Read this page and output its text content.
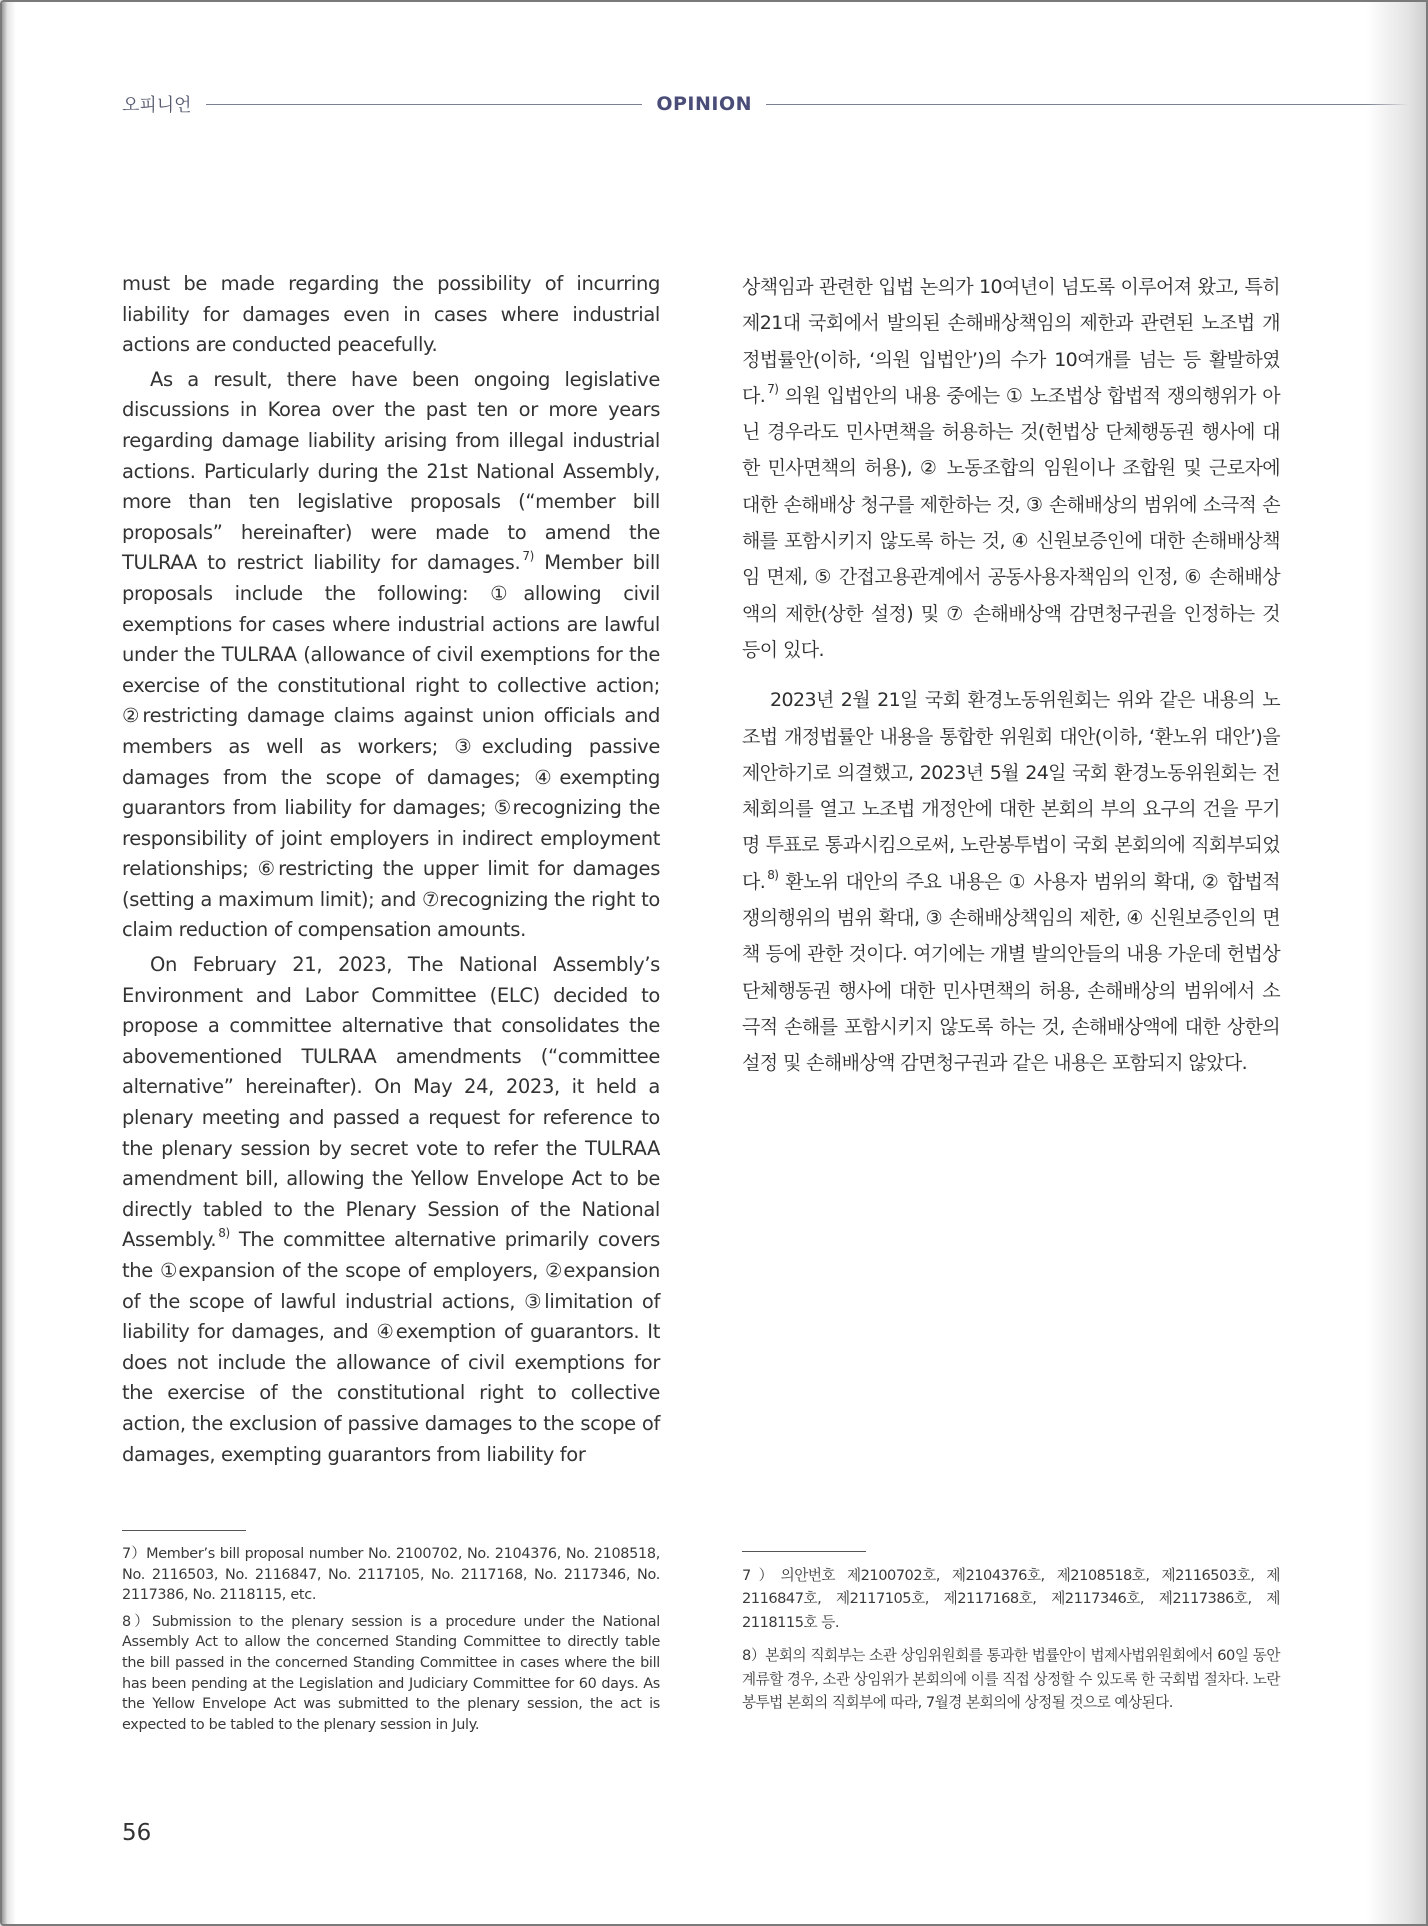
오피니언	OPINION

must be made regarding the possibility of incurring liability for damages even in cases where industrial actions are conducted peacefully.

As a result, there have been ongoing legislative discussions in Korea over the past ten or more years regarding damage liability arising from illegal industrial actions. Particularly during the 21st National Assembly, more than ten legislative proposals (“member bill proposals” hereinafter) were made to amend the TULRAA to restrict liability for damages. $^{7)}$ Member bill proposals include the following: ①allowing civil exemptions for cases where industrial actions are lawful under the TULRAA (allowance of civil exemptions for the exercise of the constitutional right to collective action; ②restricting damage claims against union officials and members as well as workers; ③excluding passive damages from the scope of damages; ④exempting guarantors from liability for damages; ⑤recognizing the responsibility of joint employers in indirect employment relationships; ⑥restricting the upper limit for damages (setting a maximum limit); and ⑦recognizing the right to claim reduction of compensation amounts.

On February 21, 2023, The National Assembly’s Environment and Labor Committee (ELC) decided to propose a committee alternative that consolidates the abovementioned TULRAA amendments (“committee alternative” hereinafter). On May 24, 2023, it held a plenary meeting and passed a request for reference to the plenary session by secret vote to refer the TULRAA amendment bill, allowing the Yellow Envelope Act to be directly tabled to the Plenary Session of the National Assembly. $^{8)}$ The committee alternative primarily covers the ①expansion of the scope of employers, ②expansion of the scope of lawful industrial actions, ③limitation of liability for damages, and ④exemption of guarantors. It does not include the allowance of civil exemptions for the exercise of the constitutional right to collective action, the exclusion of passive damages to the scope of damages, exempting guarantors from liability for

상책임과 관련한 입법 논의가 10여년이 넘도록 이루어져 왔고, 특히 제21대 국회에서 발의된 손해배상책임의 제한과 관련된 노조법 개정법률안(이하, ‘의원 입법안’)의 수가 10여개를 넘는 등 활발하였다. $^{7)}$ 의원 입법안의 내용 중에는 ① 노조법상 합법적 쟁의행위가 아닌 경우라도 민사면책을 허용하는 것(헌법상 단체행동권 행사에 대한 민사면책의 허용), ② 노동조합의 임원이나 조합원 및 근로자에 대한 손해배상 청구를 제한하는 것, ③ 손해배상의 범위에 소극적 손해를 포함시키지 않도록 하는 것, ④ 신원보증인에 대한 손해배상책임 면제, ⑤ 간접고용관계에서 공동사용자책임의 인정, ⑥ 손해배상액의 제한(상한 설정) 및 ⑦ 손해배상액 감면청구권을 인정하는 것 등이 있다.

2023년 2월 21일 국회 환경노동위원회는 위와 같은 내용의 노조법 개정법률안 내용을 통합한 위원회 대안(이하, ‘환노위 대안’)을 제안하기로 의결했고, 2023년 5월 24일 국회 환경노동위원회는 전체회의를 열고 노조법 개정안에 대한 본회의 부의 요구의 건을 무기명 투표로 통과시킴으로써, 노란봉투법이 국회 본회의에 직회부되었다. $^{8)}$ 환노위 대안의 주요 내용은 ① 사용자 범위의 확대, ② 합법적 쟁의행위의 범위 확대, ③ 손해배상책임의 제한, ④ 신원보증인의 면책 등에 관한 것이다. 여기에는 개별 발의안들의 내용 가운데 헌법상 단체행동권 행사에 대한 민사면책의 허용, 손해배상의 범위에서 소극적 손해를 포함시키지 않도록 하는 것, 손해배상액에 대한 상한의 설정 및 손해배상액 감면청구권과 같은 내용은 포함되지 않았다.

7）Member’s bill proposal number No. 2100702, No. 2104376, No. 2108518, No. 2116503, No. 2116847, No. 2117105, No. 2117168, No. 2117346, No. 2117386, No. 2118115, etc.

8）Submission to the plenary session is a procedure under the National Assembly Act to allow the concerned Standing Committee to directly table the bill passed in the concerned Standing Committee in cases where the bill has been pending at the Legislation and Judiciary Committee for 60 days. As the Yellow Envelope Act was submitted to the plenary session, the act is expected to be tabled to the plenary session in July.

7）의안번호 제2100702호, 제2104376호, 제2108518호, 제2116503호, 제2116847호, 제2117105호, 제2117168호, 제2117346호, 제2117386호, 제2118115호 등.

8）본회의 직회부는 소관 상임위원회를 통과한 법률안이 법제사법위원회에서 60일 동안 계류할 경우, 소관 상임위가 본회의에 이를 직접 상정할 수 있도록 한 국회법 절차다. 노란봉투법 본회의 직회부에 따라, 7월경 본회의에 상정될 것으로 예상된다.

56
